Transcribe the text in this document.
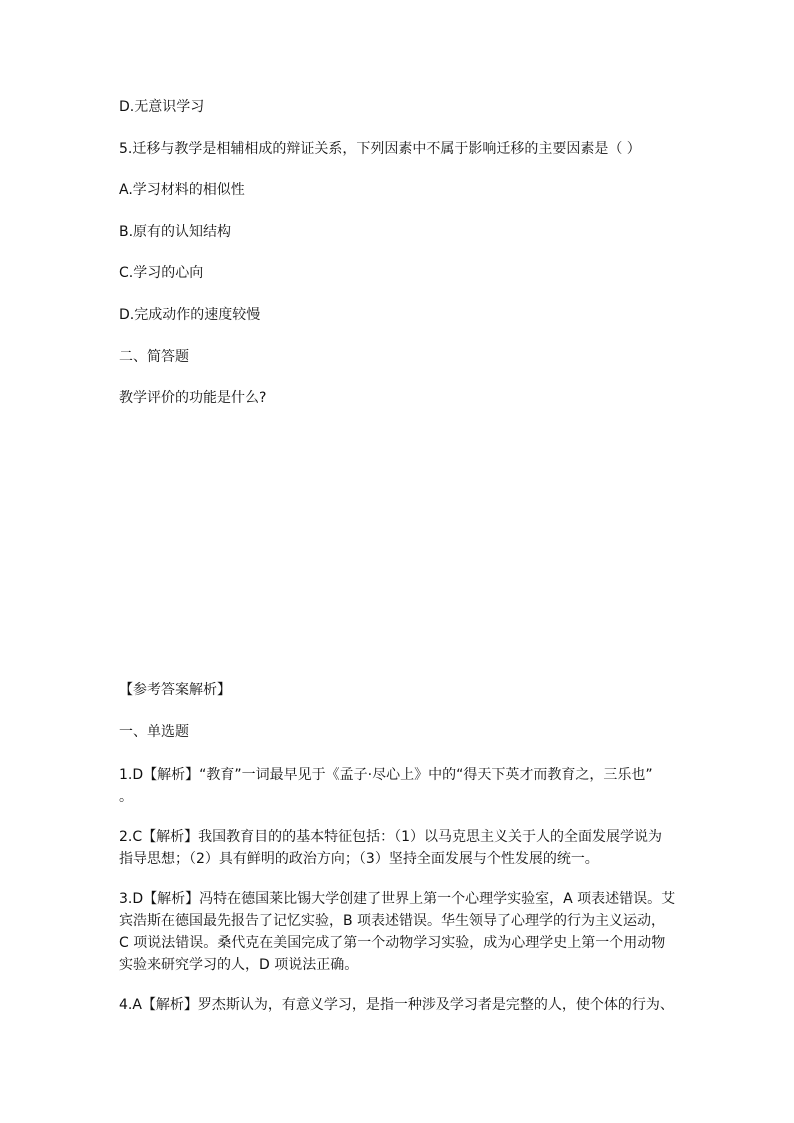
D.无意识学习
5.迁移与教学是相辅相成的辩证关系，下列因素中不属于影响迁移的主要因素是（ ）
A.学习材料的相似性
B.原有的认知结构
C.学习的心向
D.完成动作的速度较慢
二、简答题
教学评价的功能是什么?
【参考答案解析】
一、单选题
1.D【解析】“教育”一词最早见于《孟子·尽心上》中的“得天下英才而教育之，三乐也”
。
2.C【解析】我国教育目的的基本特征包括：（1）以马克思主义关于人的全面发展学说为
指导思想；（2）具有鲜明的政治方向；（3）坚持全面发展与个性发展的统一。
3.D【解析】冯特在德国莱比锡大学创建了世界上第一个心理学实验室，A 项表述错误。艾
宾浩斯在德国最先报告了记忆实验，B 项表述错误。华生领导了心理学的行为主义运动，
C 项说法错误。桑代克在美国完成了第一个动物学习实验，成为心理学史上第一个用动物
实验来研究学习的人，D 项说法正确。
4.A【解析】罗杰斯认为，有意义学习，是指一种涉及学习者是完整的人，使个体的行为、
